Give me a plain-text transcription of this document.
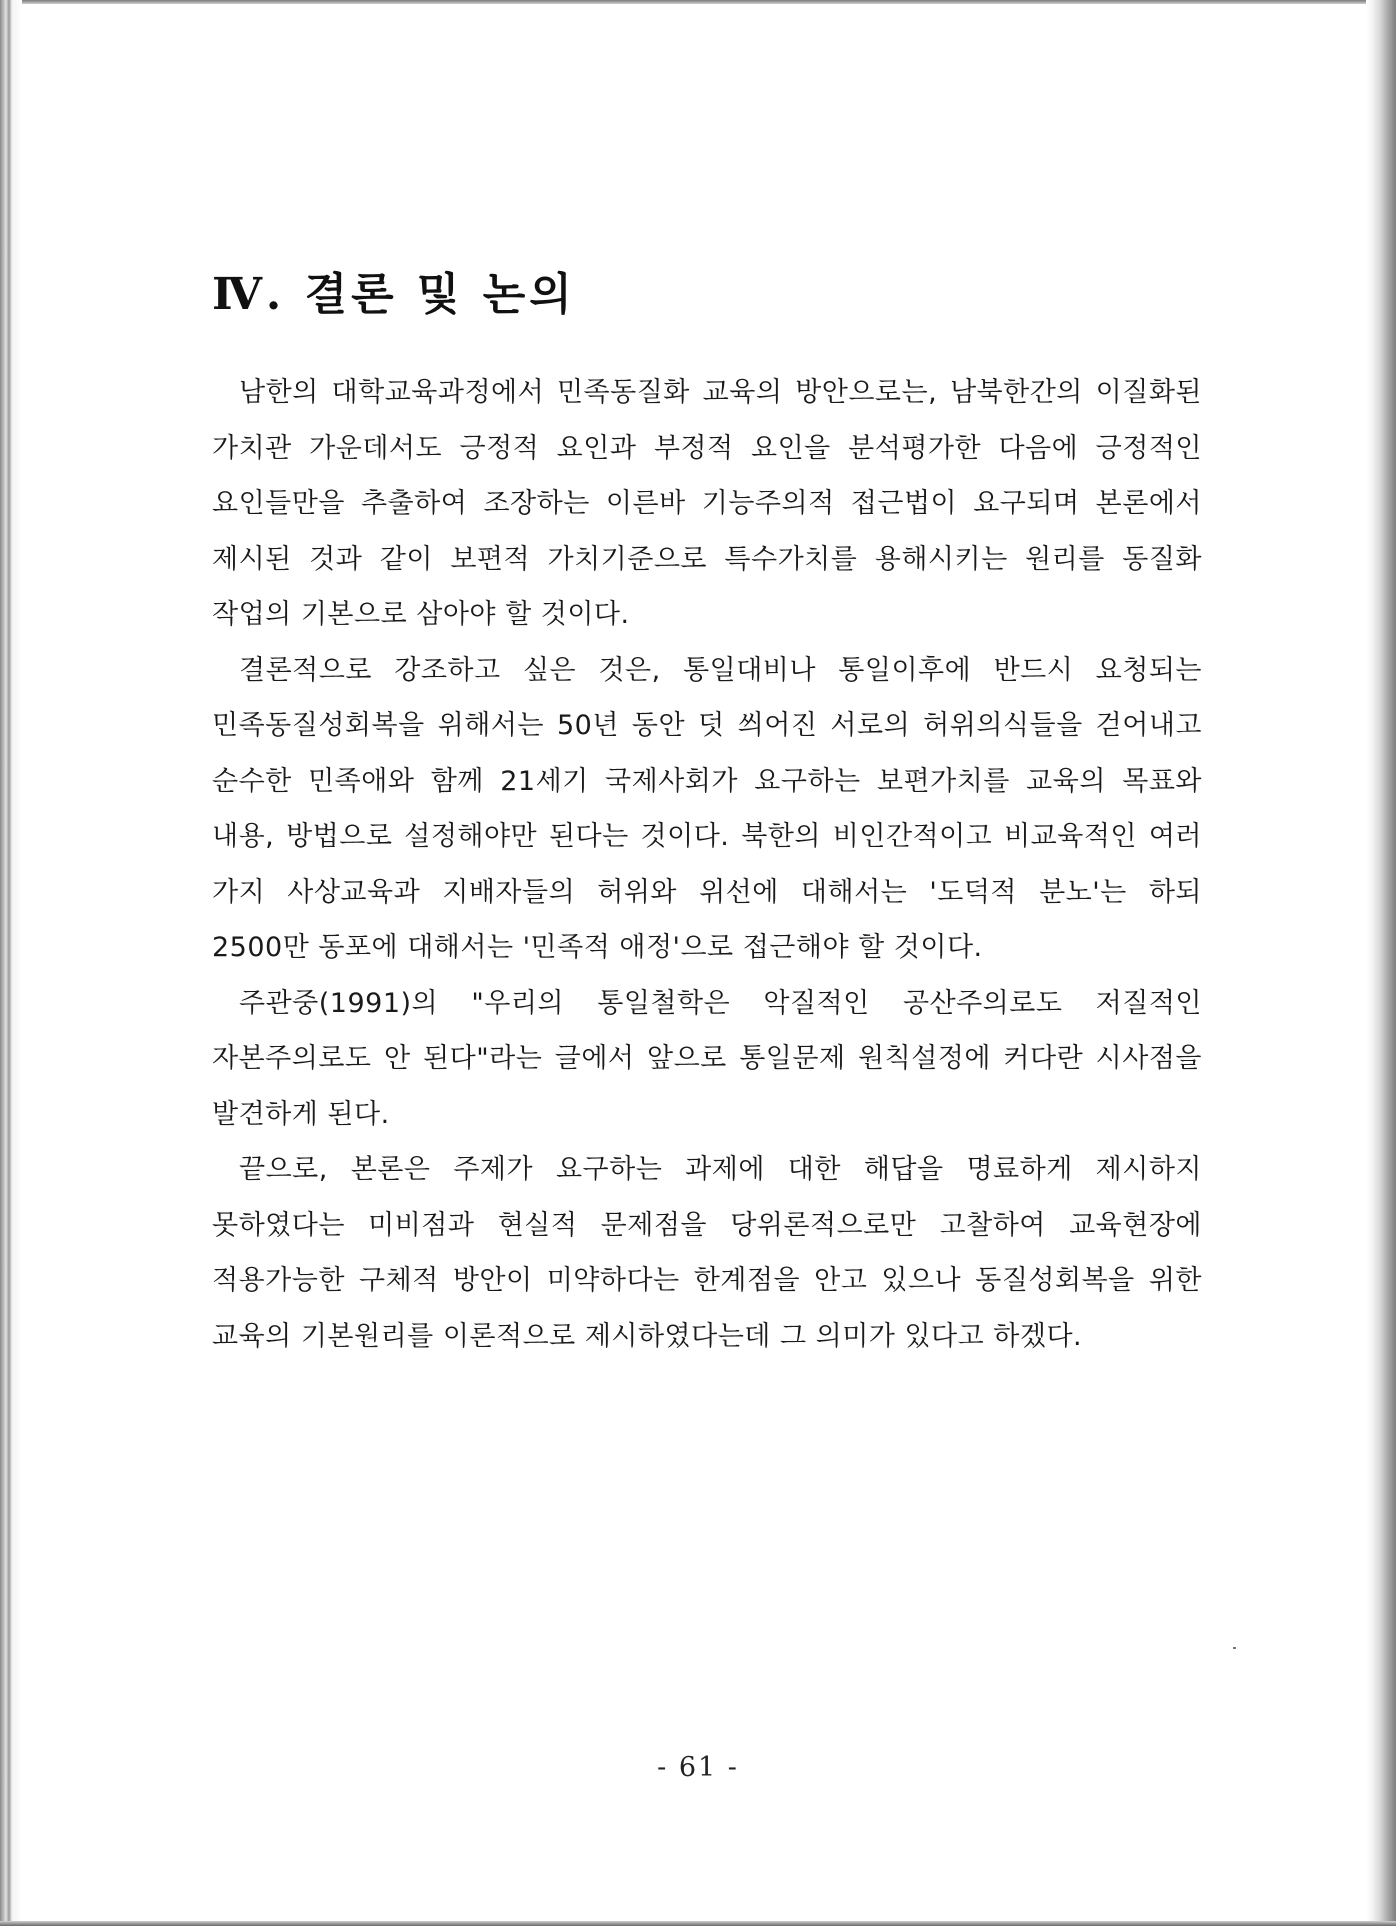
Ⅳ. 결론 및 논의

남한의 대학교육과정에서 민족동질화 교육의 방안으로는, 남북한간의 이질화된 가치관 가운데서도 긍정적 요인과 부정적 요인을 분석평가한 다음에 긍정적인 요인들만을 추출하여 조장하는 이른바 기능주의적 접근법이 요구되며 본론에서 제시된 것과 같이 보편적 가치기준으로 특수가치를 용해시키는 원리를 동질화 작업의 기본으로 삼아야 할 것이다.

결론적으로 강조하고 싶은 것은, 통일대비나 통일이후에 반드시 요청되는 민족동질성회복을 위해서는 50년 동안 덧 씌어진 서로의 허위의식들을 걷어내고 순수한 민족애와 함께 21세기 국제사회가 요구하는 보편가치를 교육의 목표와 내용, 방법으로 설정해야만 된다는 것이다. 북한의 비인간적이고 비교육적인 여러 가지 사상교육과 지배자들의 허위와 위선에 대해서는 '도덕적 분노'는 하되 2500만 동포에 대해서는 '민족적 애정'으로 접근해야 할 것이다.

주관중(1991)의 "우리의 통일철학은 악질적인 공산주의로도 저질적인 자본주의로도 안 된다"라는 글에서 앞으로 통일문제 원칙설정에 커다란 시사점을 발견하게 된다.

끝으로, 본론은 주제가 요구하는 과제에 대한 해답을 명료하게 제시하지 못하였다는 미비점과 현실적 문제점을 당위론적으로만 고찰하여 교육현장에 적용가능한 구체적 방안이 미약하다는 한계점을 안고 있으나 동질성회복을 위한 교육의 기본원리를 이론적으로 제시하였다는데 그 의미가 있다고 하겠다.

- 61 -
